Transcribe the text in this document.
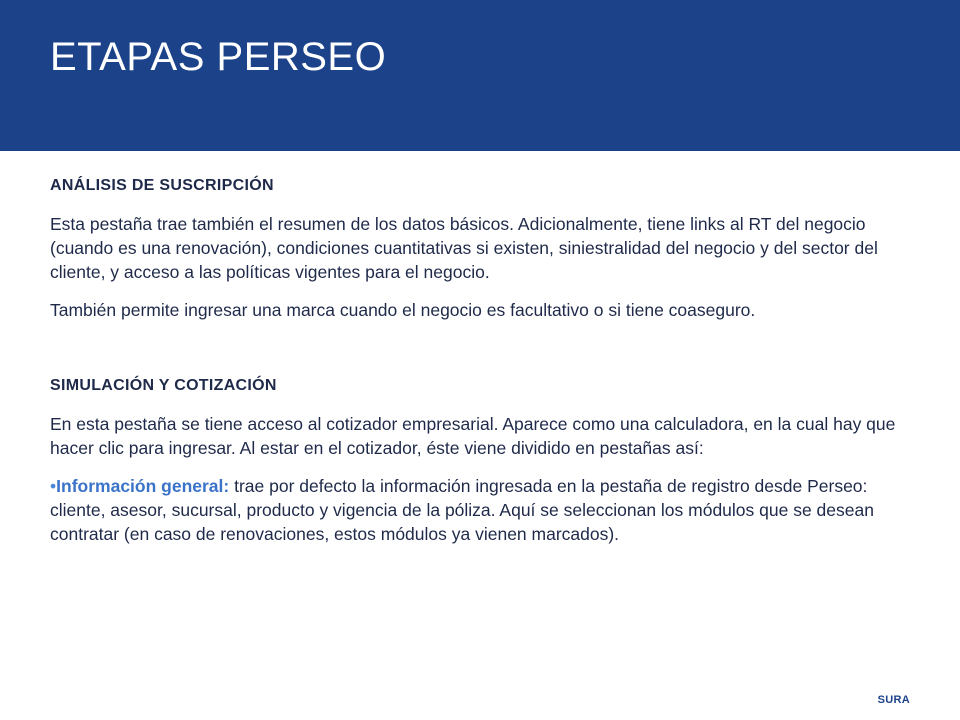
ETAPAS PERSEO
ANÁLISIS DE SUSCRIPCIÓN

Esta pestaña trae también el resumen de los datos básicos. Adicionalmente, tiene links al RT del negocio (cuando es una renovación), condiciones cuantitativas si existen, siniestralidad del negocio y del sector del cliente, y acceso a las políticas vigentes para el negocio.

También permite ingresar una marca cuando el negocio es facultativo o si tiene coaseguro.

SIMULACIÓN Y COTIZACIÓN

En esta pestaña se tiene acceso al cotizador empresarial. Aparece como una calculadora, en la cual hay que hacer clic para ingresar. Al estar en el cotizador, éste viene dividido en pestañas así:

•Información general: trae por defecto la información ingresada en la pestaña de registro desde Perseo: cliente, asesor, sucursal, producto y vigencia de la póliza. Aquí se seleccionan los módulos que se desean contratar (en caso de renovaciones, estos módulos ya vienen marcados).

SURA
